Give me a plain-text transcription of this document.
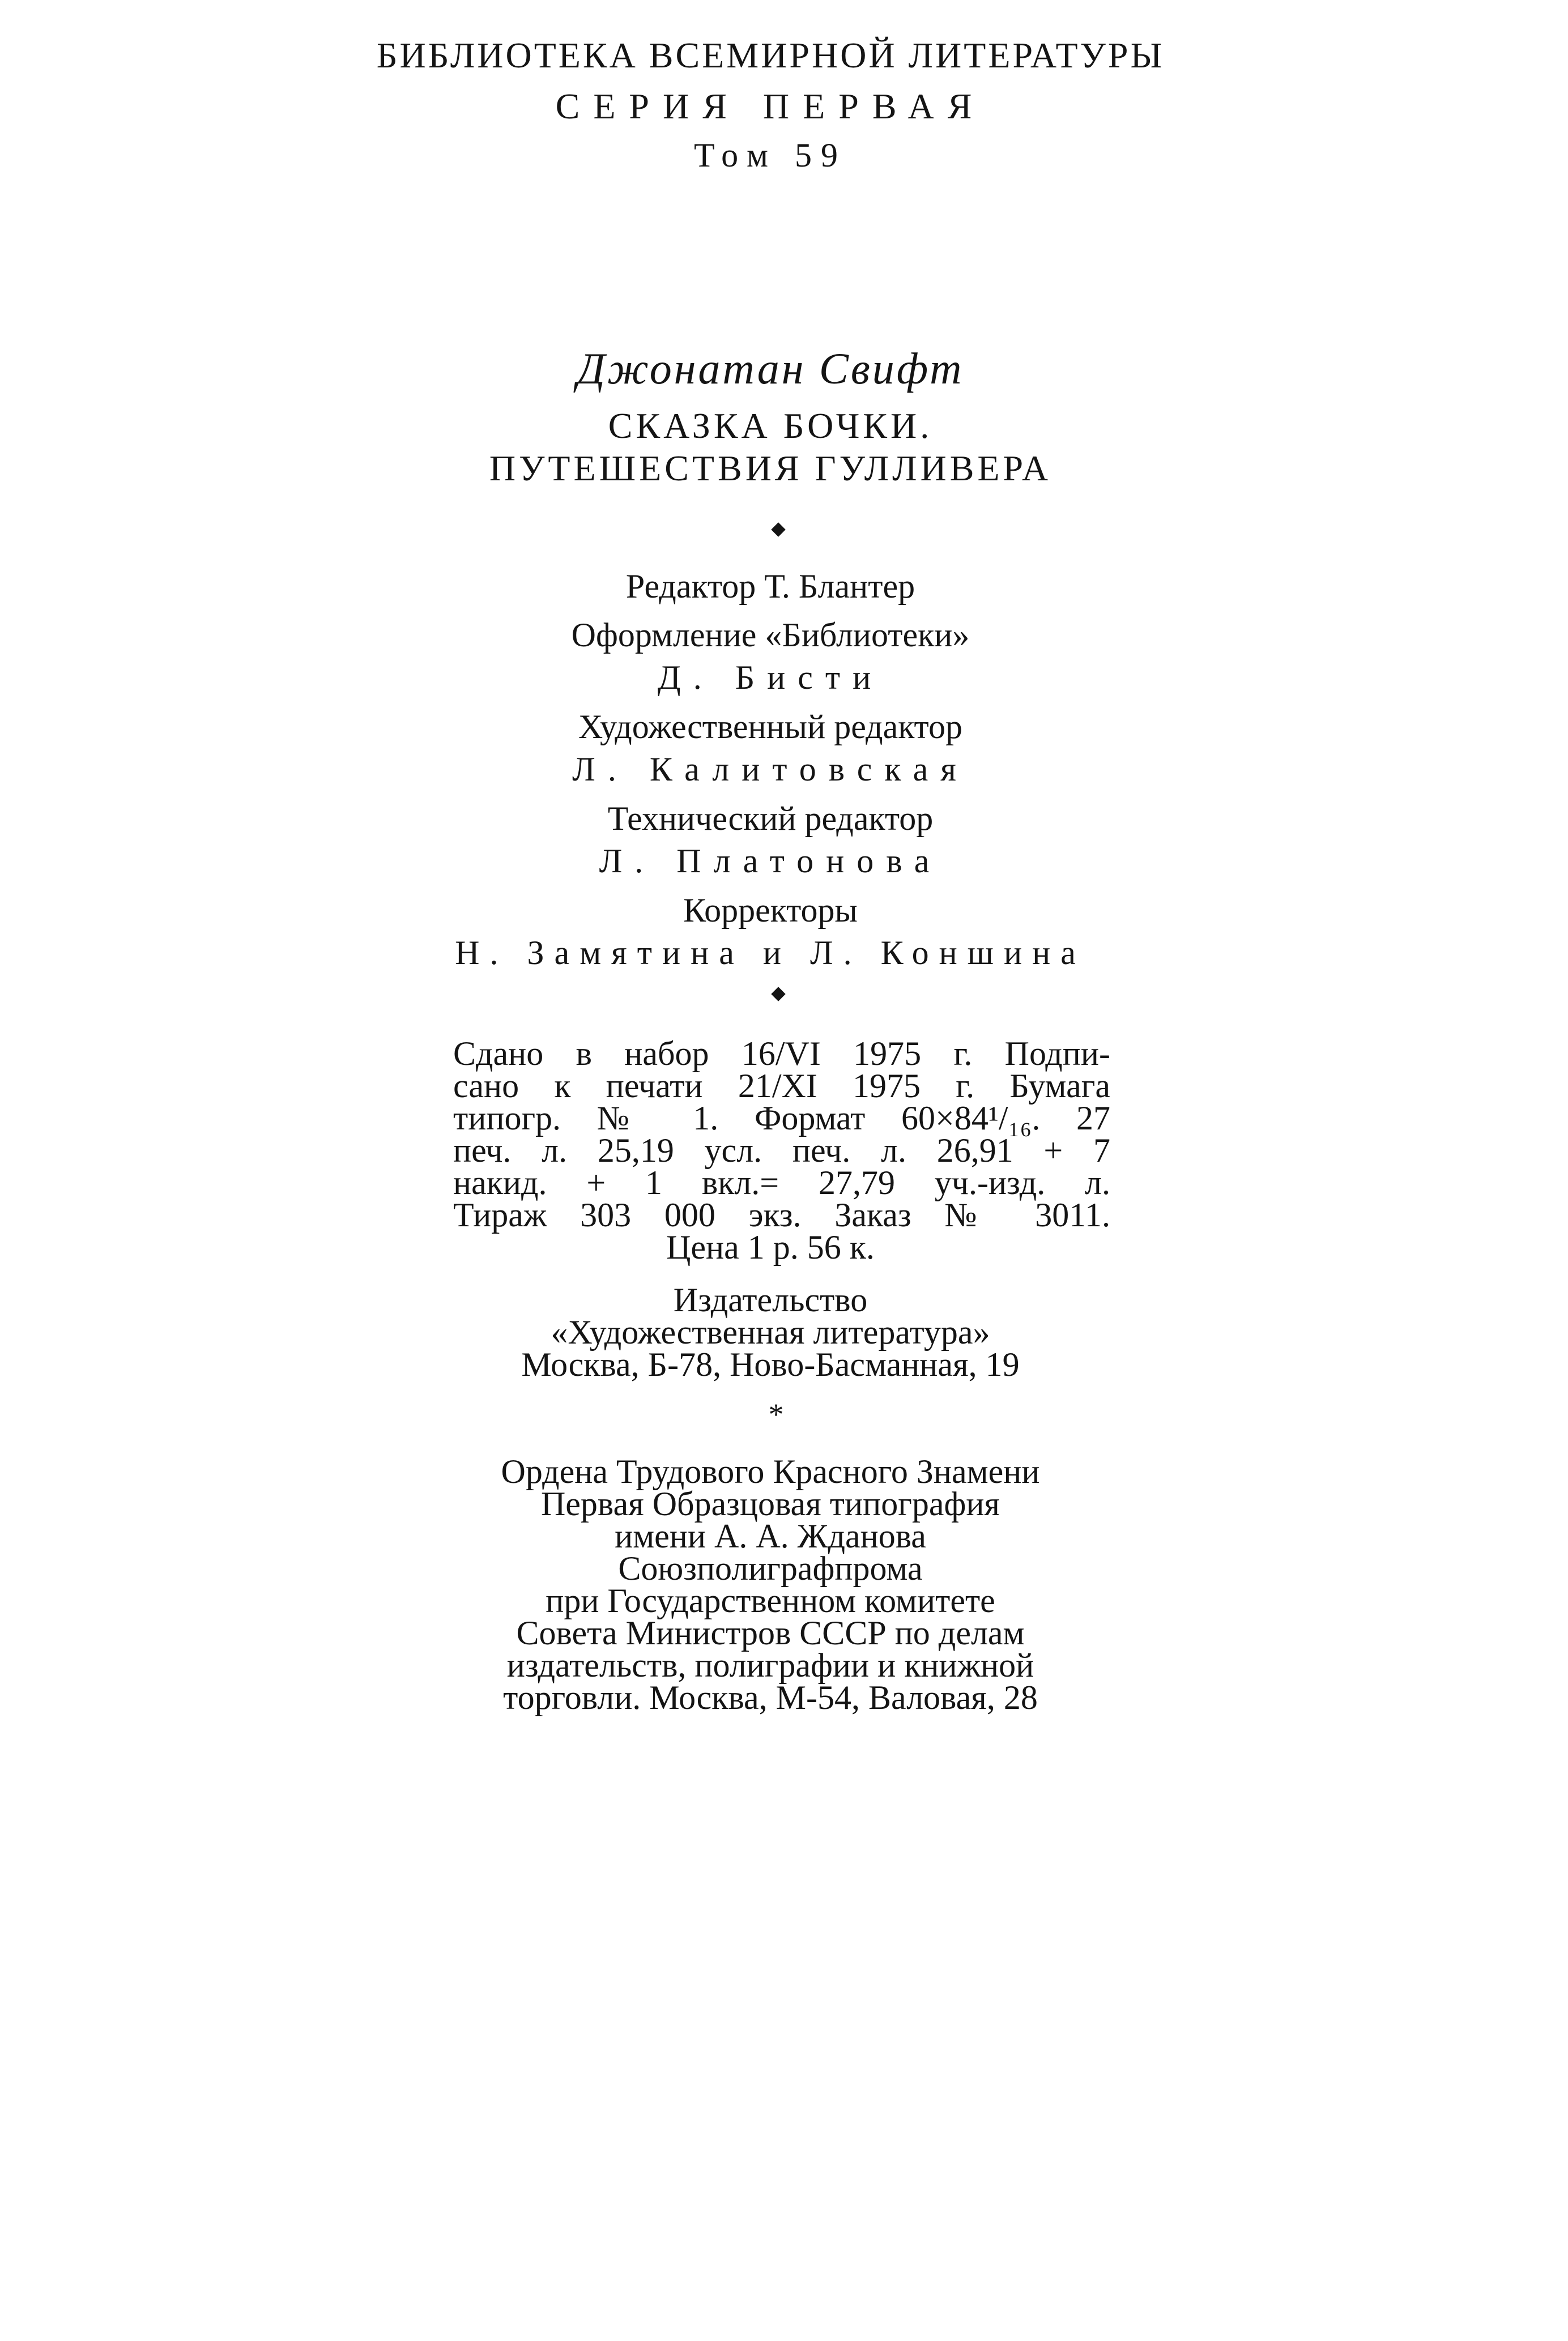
БИБЛИОТЕКА ВСЕМИРНОЙ ЛИТЕРАТУРЫ
СЕРИЯ ПЕРВАЯ
Том 59
Джонатан Свифт
СКАЗКА БОЧКИ.
ПУТЕШЕСТВИЯ ГУЛЛИВЕРА
Редактор Т. Блантер
Оформление «Библиотеки»
Д. Бисти
Художественный редактор
Л. Калитовская
Технический редактор
Л. Платонова
Корректоры
Н. Замятина и Л. Коншина
Сдано в набор 16/VI 1975 г. Подпи-
сано к печати 21/XI 1975 г. Бумага
типогр. № 1. Формат 60×84¹/₁₆. 27
печ. л. 25,19 усл. печ. л. 26,91 + 7
накид. + 1 вкл.= 27,79 уч.-изд. л.
Тираж 303 000 экз. Заказ № 3011.
Цена 1 р. 56 к.
Издательство
«Художественная литература»
Москва, Б-78, Ново-Басманная, 19
*
Ордена Трудового Красного Знамени
Первая Образцовая типография
имени А. А. Жданова
Союзполиграфпрома
при Государственном комитете
Совета Министров СССР по делам
издательств, полиграфии и книжной
торговли. Москва, М-54, Валовая, 28
